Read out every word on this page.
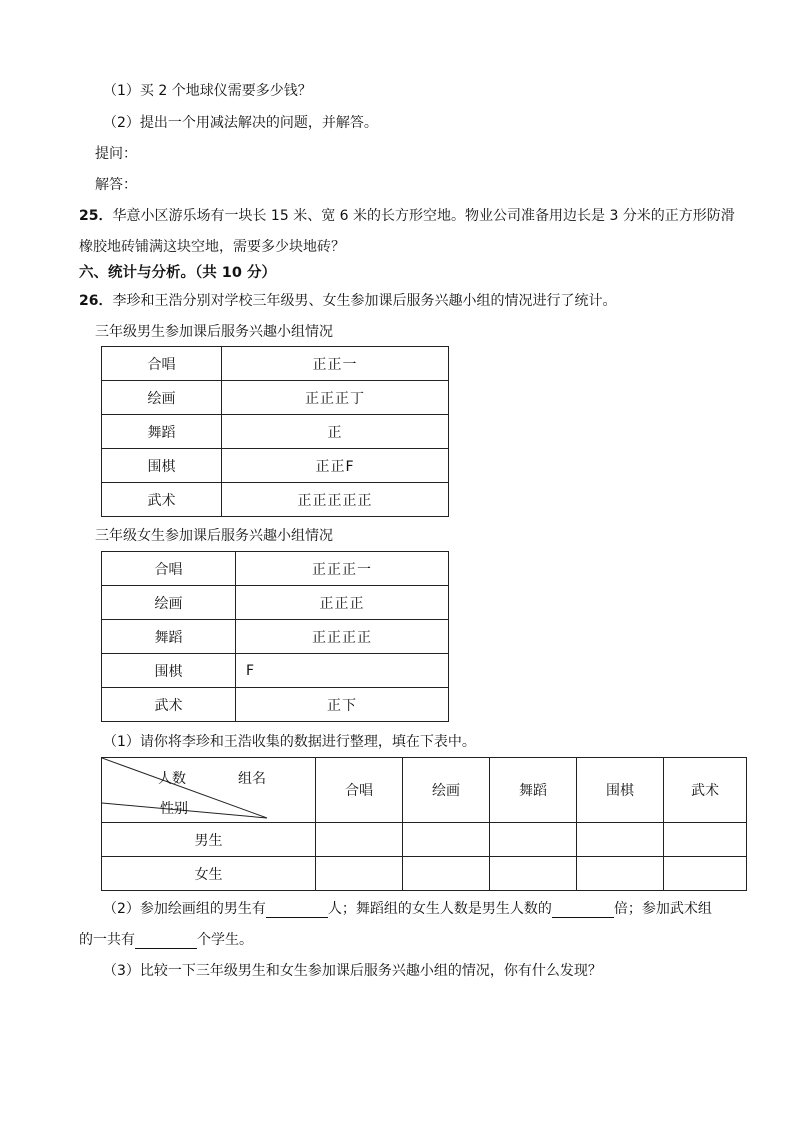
（1）买 2 个地球仪需要多少钱？
（2）提出一个用减法解决的问题，并解答。
提问：
解答：
25．华意小区游乐场有一块长 15 米、宽 6 米的长方形空地。物业公司准备用边长是 3 分米的正方形防滑
橡胶地砖铺满这块空地，需要多少块地砖？
六、统计与分析。（共 10 分）
26．李珍和王浩分别对学校三年级男、女生参加课后服务兴趣小组的情况进行了统计。
三年级男生参加课后服务兴趣小组情况
合唱	正正一
绘画	正正正丁
舞蹈	正
围棋	正正F
武术	正正正正正
三年级女生参加课后服务兴趣小组情况
合唱	正正正一
绘画	正正正
舞蹈	正正正正
围棋	F
武术	正下
（1）请你将李珍和王浩收集的数据进行整理，填在下表中。
人数 组名
性别	合唱	绘画	舞蹈	围棋	武术
男生					
女生					
（2）参加绘画组的男生有	人；舞蹈组的女生人数是男生人数的	倍；参加武术组
的一共有	个学生。
（3）比较一下三年级男生和女生参加课后服务兴趣小组的情况，你有什么发现？
